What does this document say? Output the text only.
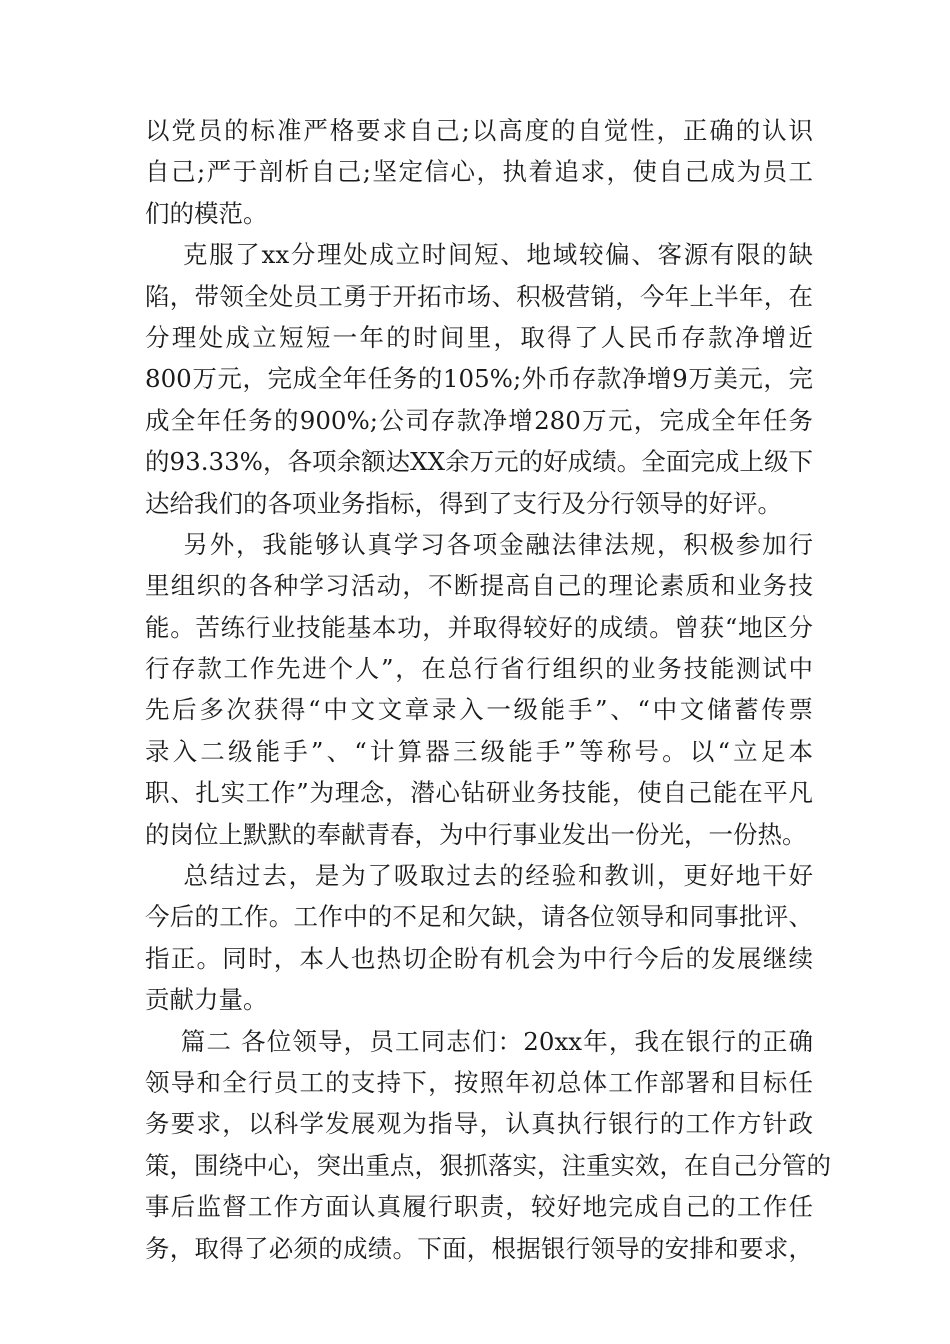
以党员的标准严格要求自己;以高度的自觉性，正确的认识
自己;严于剖析自己;坚定信心，执着追求，使自己成为员工
们的模范。
克服了xx分理处成立时间短、地域较偏、客源有限的缺
陷，带领全处员工勇于开拓市场、积极营销，今年上半年，在
分理处成立短短一年的时间里，取得了人民币存款净增近
800万元，完成全年任务的105%;外币存款净增9万美元，完
成全年任务的900%;公司存款净增280万元，完成全年任务
的93.33%，各项余额达XX余万元的好成绩。全面完成上级下
达给我们的各项业务指标，得到了支行及分行领导的好评。
另外，我能够认真学习各项金融法律法规，积极参加行
里组织的各种学习活动，不断提高自己的理论素质和业务技
能。苦练行业技能基本功，并取得较好的成绩。曾获“地区分
行存款工作先进个人”，在总行省行组织的业务技能测试中
先后多次获得“中文文章录入一级能手”、“中文储蓄传票
录入二级能手”、“计算器三级能手”等称号。以“立足本
职、扎实工作”为理念，潜心钻研业务技能，使自己能在平凡
的岗位上默默的奉献青春，为中行事业发出一份光，一份热。
总结过去，是为了吸取过去的经验和教训，更好地干好
今后的工作。工作中的不足和欠缺，请各位领导和同事批评、
指正。同时，本人也热切企盼有机会为中行今后的发展继续
贡献力量。
篇二 各位领导，员工同志们：20xx年，我在银行的正确
领导和全行员工的支持下，按照年初总体工作部署和目标任
务要求，以科学发展观为指导，认真执行银行的工作方针政
策，围绕中心，突出重点，狠抓落实，注重实效，在自己分管的
事后监督工作方面认真履行职责，较好地完成自己的工作任
务，取得了必须的成绩。下面，根据银行领导的安排和要求，
